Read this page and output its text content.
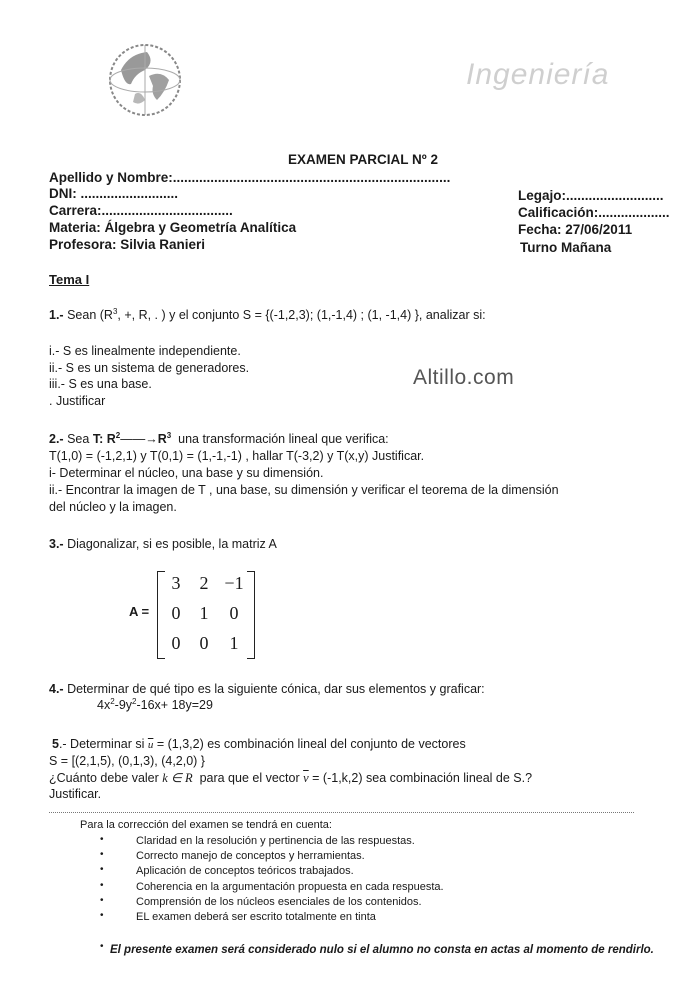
Ingeniería
EXAMEN PARCIAL Nº 2
Apellido y Nombre:..........................................................................
DNI: ..........................
Carrera:...................................
Materia: Álgebra y Geometría Analítica
Profesora: Silvia Ranieri
Legajo:..........................
Calificación:...................
Fecha: 27/06/2011
Turno Mañana
Tema I
1.- Sean ($R^3$, +, R, . ) y el conjunto S = {(-1,2,3); (1,-1,4) ; (1, -1,4) }, analizar si:
i.- S es linealmente independiente.
ii.- S es un sistema de generadores.
iii.- S es una base.
. Justificar
Altillo.com
2.- Sea T: $R^2——\to R^3$ una transformación lineal que verifica:
T(1,0) = (-1,2,1) y T(0,1) = (1,-1,-1) , hallar T(-3,2) y T(x,y) Justificar.
i- Determinar el núcleo, una base y su dimensión.
ii.- Encontrar la imagen de T , una base, su dimensión y verificar el teorema de la dimensión
del núcleo y la imagen.
3.- Diagonalizar, si es posible, la matriz A
A =
3	2 −1
0	1	0
0	0	1
4.- Determinar de qué tipo es la siguiente cónica, dar sus elementos y graficar:
$4x^2-9y^2-16x+ 18y=29$
5.- Determinar si $\overline{u} = (1,3,2)$ es combinación lineal del conjunto de vectores
S = [(2,1,5), (0,1,3), (4,2,0) }
¿Cuánto debe valer k ∈ R para que el vector $\overline{v} = (-1,k,2)$ sea combinación lineal de S.?
Justificar.
Para la corrección del examen se tendrá en cuenta:
•	Claridad en la resolución y pertinencia de las respuestas.
•	Correcto manejo de conceptos y herramientas.
•	Aplicación de conceptos teóricos trabajados.
•	Coherencia en la argumentación propuesta en cada respuesta.
•	Comprensión de los núcleos esenciales de los contenidos.
•	EL examen deberá ser escrito totalmente en tinta
• El presente examen será considerado nulo si el alumno no consta en actas al momento de rendirlo.
